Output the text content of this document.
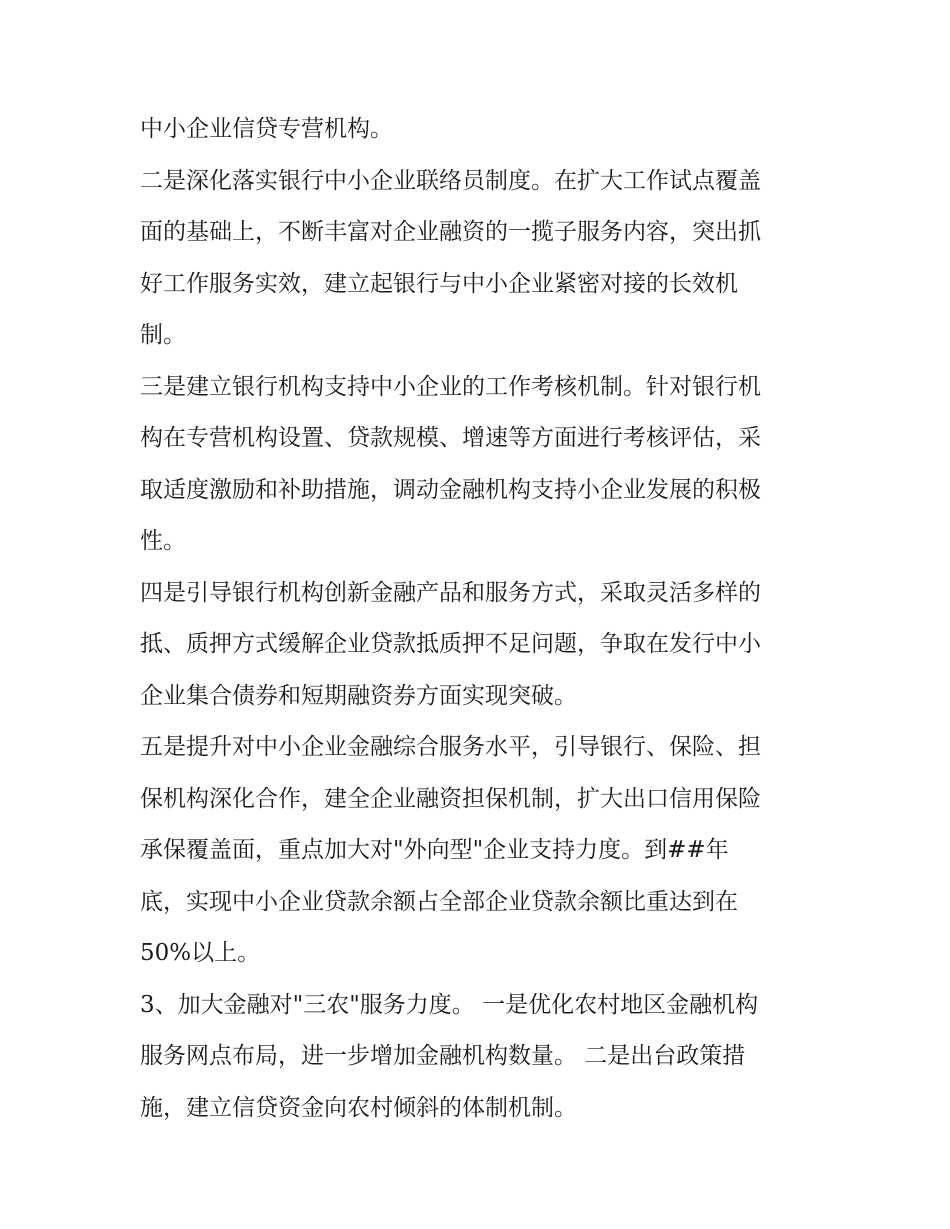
中小企业信贷专营机构。
二是深化落实银行中小企业联络员制度。在扩大工作试点覆盖
面的基础上，不断丰富对企业融资的一揽子服务内容，突出抓
好工作服务实效，建立起银行与中小企业紧密对接的长效机
制。
三是建立银行机构支持中小企业的工作考核机制。针对银行机
构在专营机构设置、贷款规模、增速等方面进行考核评估，采
取适度激励和补助措施，调动金融机构支持小企业发展的积极
性。
四是引导银行机构创新金融产品和服务方式，采取灵活多样的
抵、质押方式缓解企业贷款抵质押不足问题，争取在发行中小
企业集合债券和短期融资券方面实现突破。
五是提升对中小企业金融综合服务水平，引导银行、保险、担
保机构深化合作，建全企业融资担保机制，扩大出口信用保险
承保覆盖面，重点加大对"外向型"企业支持力度。到##年
底，实现中小企业贷款余额占全部企业贷款余额比重达到在
50%以上。
3、加大金融对"三农"服务力度。 一是优化农村地区金融机构
服务网点布局，进一步增加金融机构数量。 二是出台政策措
施，建立信贷资金向农村倾斜的体制机制。
